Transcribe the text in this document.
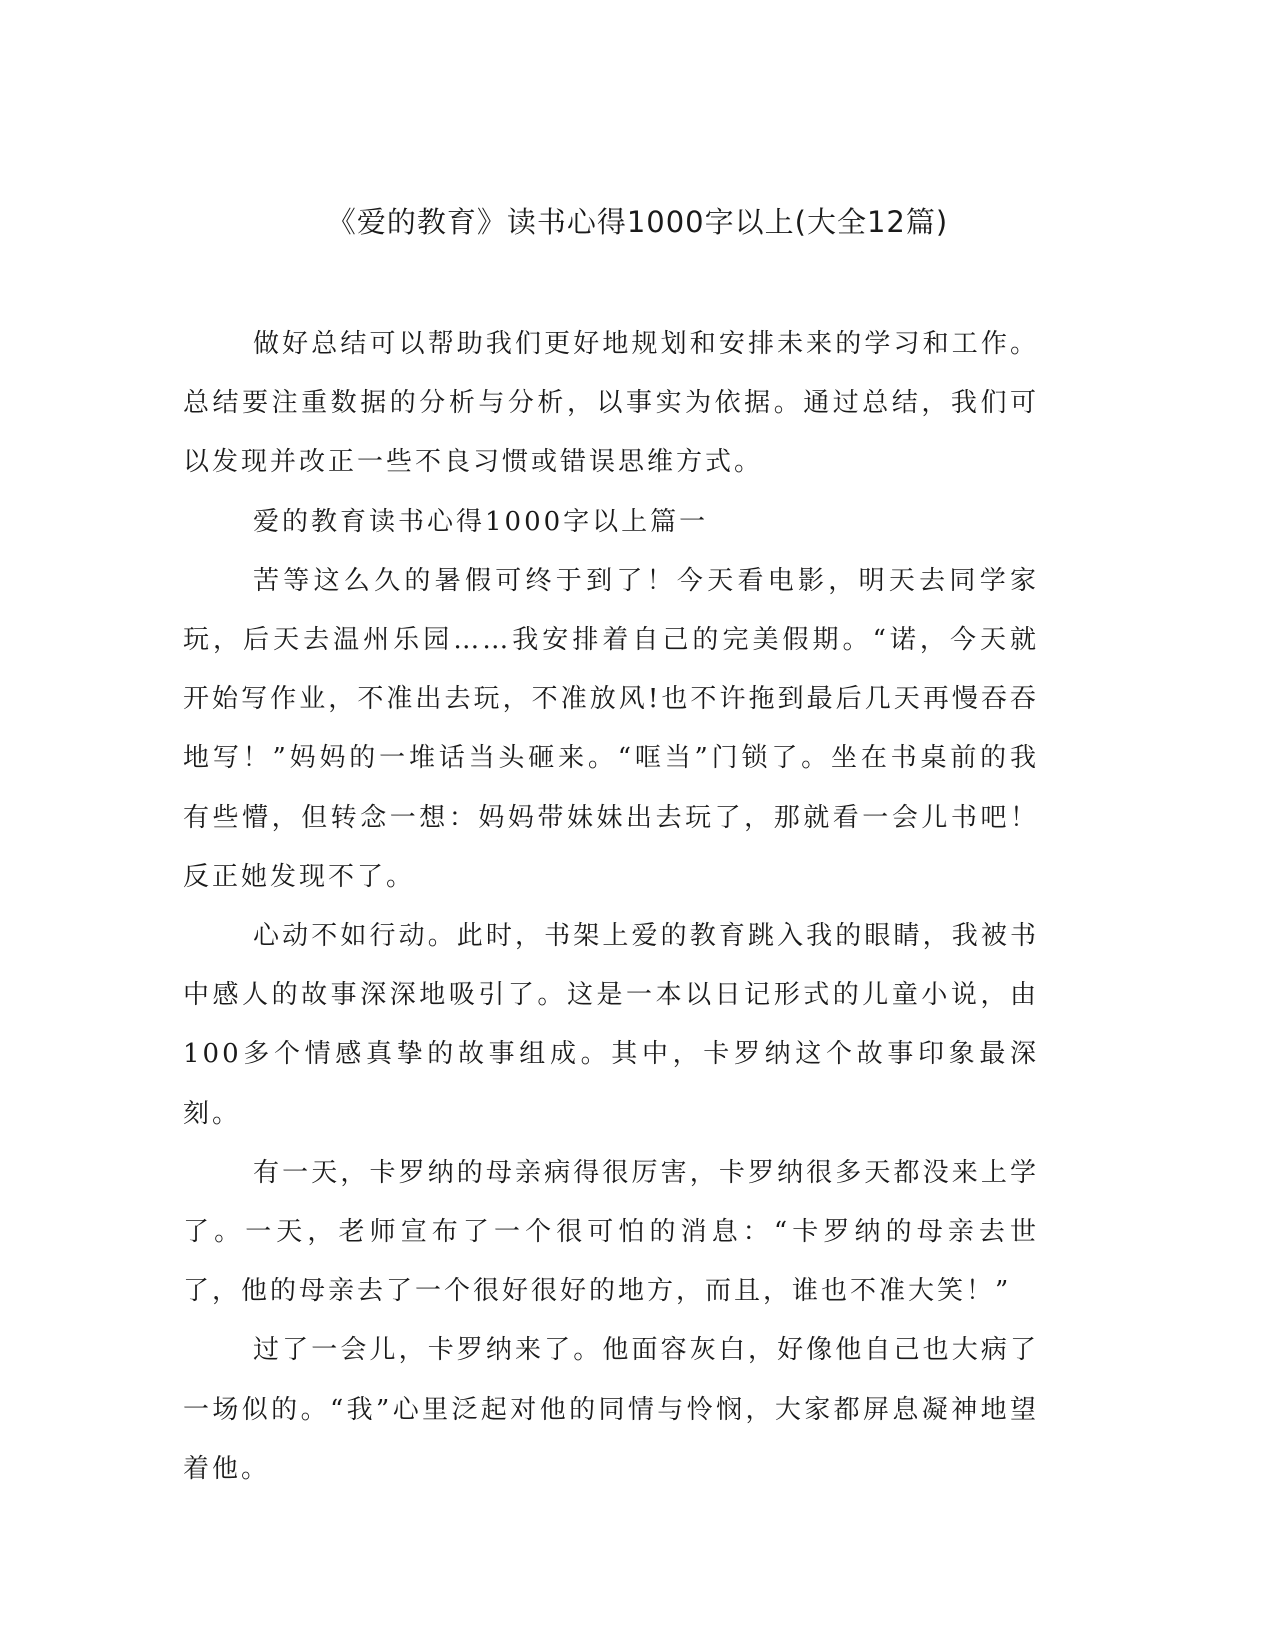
《爱的教育》读书心得1000字以上(大全12篇)

做好总结可以帮助我们更好地规划和安排未来的学习和工作。总结要注重数据的分析与分析，以事实为依据。通过总结，我们可以发现并改正一些不良习惯或错误思维方式。

爱的教育读书心得1000字以上篇一

苦等这么久的暑假可终于到了！今天看电影，明天去同学家玩，后天去温州乐园……我安排着自己的完美假期。“诺，今天就开始写作业，不准出去玩，不准放风!也不许拖到最后几天再慢吞吞地写！”妈妈的一堆话当头砸来。“哐当”门锁了。坐在书桌前的我有些懵，但转念一想：妈妈带妹妹出去玩了，那就看一会儿书吧！反正她发现不了。

心动不如行动。此时，书架上爱的教育跳入我的眼睛，我被书中感人的故事深深地吸引了。这是一本以日记形式的儿童小说，由100多个情感真挚的故事组成。其中，卡罗纳这个故事印象最深刻。

有一天，卡罗纳的母亲病得很厉害，卡罗纳很多天都没来上学了。一天，老师宣布了一个很可怕的消息：“卡罗纳的母亲去世了，他的母亲去了一个很好很好的地方，而且，谁也不准大笑！”

过了一会儿，卡罗纳来了。他面容灰白，好像他自己也大病了一场似的。“我”心里泛起对他的同情与怜悯，大家都屏息凝神地望着他。
